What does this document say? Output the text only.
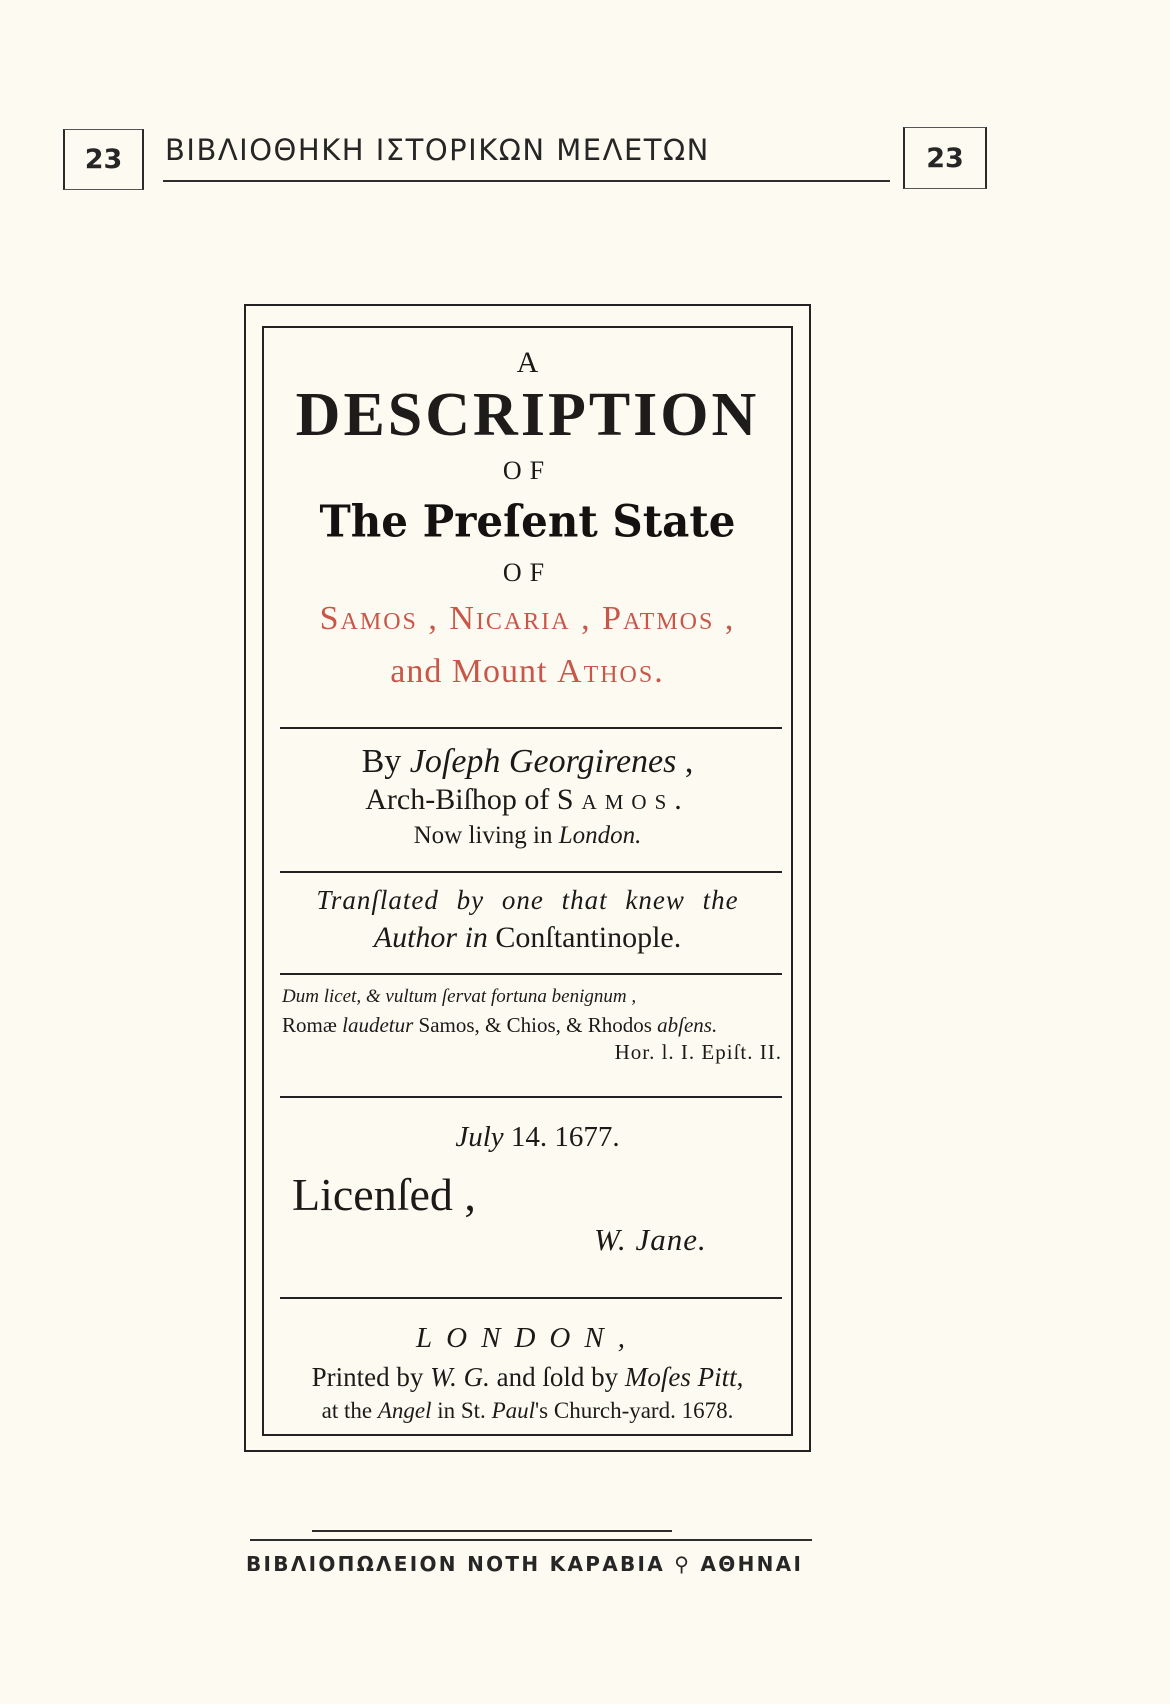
23	ΒΙΒΛΙΟΘΗΚΗ ΙΣΤΟΡΙΚΩΝ ΜΕΛΕΤΩΝ	23
A
DESCRIPTION
OF
The Preſent State
OF
Samos , Nicaria , Patmos ,
and Mount Athos.
By Joſeph Georgirenes ,
Arch-Biſhop of Samos.
Now living in London.
Tranſlated by one that knew the
Author in Conſtantinople.
Dum licet, & vultum ſervat fortuna benignum ,
Romæ laudetur Samos, & Chios, & Rhodos abſens.
Hor. l. I. Epiſt. II.
July 14. 1677.
Licenſed ,
W. Jane.
LONDON,
Printed by W. G. and ſold by Moſes Pitt,
at the Angel in St. Paul's Church-yard. 1678.
ΒΙΒΛΙΟΠΩΛΕΙΟΝ ΝΟΤΗ ΚΑΡΑΒΙΑ ⚲ ΑΘΗΝΑΙ
